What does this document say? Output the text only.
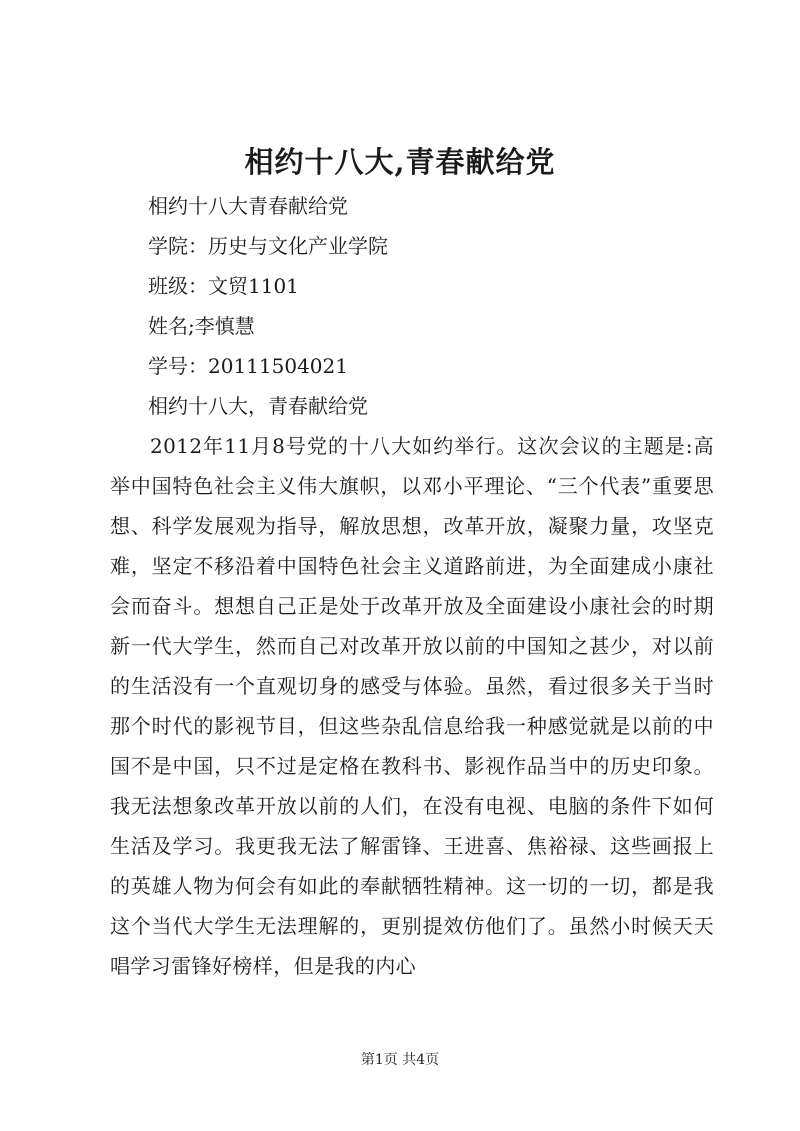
相约十八大,青春献给党
相约十八大青春献给党
学院：历史与文化产业学院
班级：文贸1101
姓名;李慎慧
学号：20111504021
相约十八大，青春献给党

2012年11月8号党的十八大如约举行。这次会议的主题是:高举中国特色社会主义伟大旗帜，以邓小平理论、“三个代表”重要思想、科学发展观为指导，解放思想，改革开放，凝聚力量，攻坚克难，坚定不移沿着中国特色社会主义道路前进，为全面建成小康社会而奋斗。想想自己正是处于改革开放及全面建设小康社会的时期新一代大学生，然而自己对改革开放以前的中国知之甚少，对以前的生活没有一个直观切身的感受与体验。虽然，看过很多关于当时那个时代的影视节目，但这些杂乱信息给我一种感觉就是以前的中国不是中国，只不过是定格在教科书、影视作品当中的历史印象。我无法想象改革开放以前的人们，在没有电视、电脑的条件下如何生活及学习。我更我无法了解雷锋、王进喜、焦裕禄、这些画报上的英雄人物为何会有如此的奉献牺牲精神。这一切的一切，都是我这个当代大学生无法理解的，更别提效仿他们了。虽然小时候天天唱学习雷锋好榜样，但是我的内心

第1页 共4页
